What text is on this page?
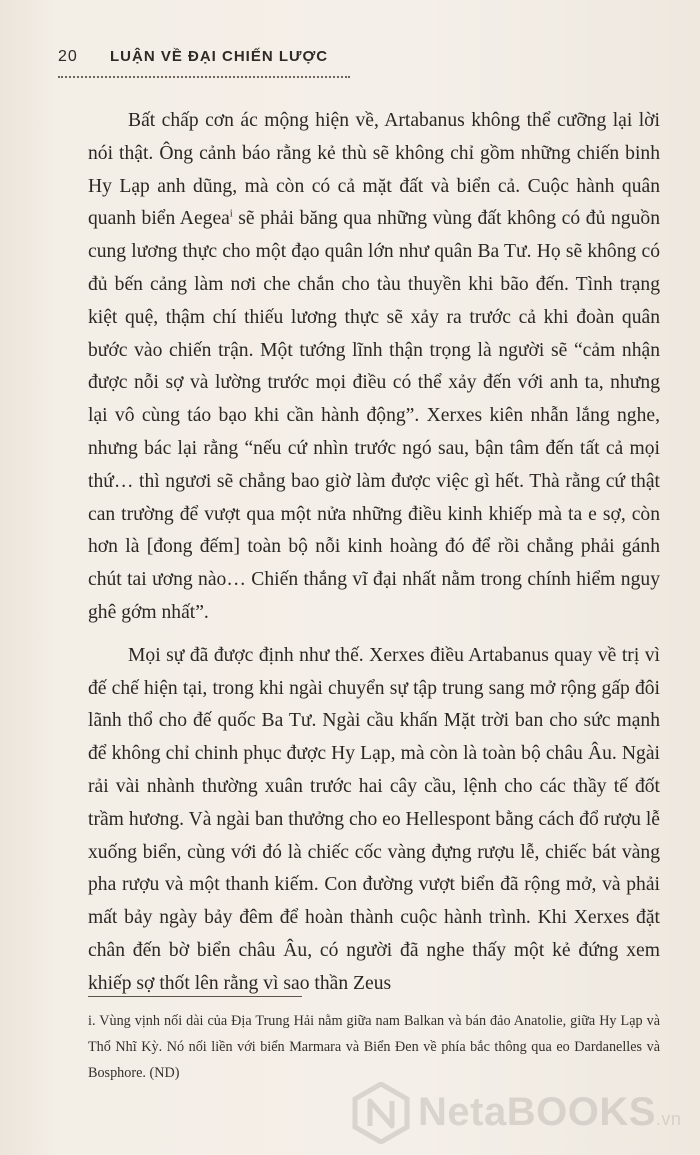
20 LUẬN VỀ ĐẠI CHIẾN LƯỢC

Bất chấp cơn ác mộng hiện về, Artabanus không thể cưỡng lại lời nói thật. Ông cảnh báo rằng kẻ thù sẽ không chỉ gồm những chiến binh Hy Lạp anh dũng, mà còn có cả mặt đất và biển cả. Cuộc hành quân quanh biển Aegea$^i$ sẽ phải băng qua những vùng đất không có đủ nguồn cung lương thực cho một đạo quân lớn như quân Ba Tư. Họ sẽ không có đủ bến cảng làm nơi che chắn cho tàu thuyền khi bão đến. Tình trạng kiệt quệ, thậm chí thiếu lương thực sẽ xảy ra trước cả khi đoàn quân bước vào chiến trận. Một tướng lĩnh thận trọng là người sẽ “cảm nhận được nỗi sợ và lường trước mọi điều có thể xảy đến với anh ta, nhưng lại vô cùng táo bạo khi cần hành động”. Xerxes kiên nhẫn lắng nghe, nhưng bác lại rằng “nếu cứ nhìn trước ngó sau, bận tâm đến tất cả mọi thứ… thì ngươi sẽ chẳng bao giờ làm được việc gì hết. Thà rằng cứ thật can trường để vượt qua một nửa những điều kinh khiếp mà ta e sợ, còn hơn là [đong đếm] toàn bộ nỗi kinh hoàng đó để rồi chẳng phải gánh chút tai ương nào… Chiến thắng vĩ đại nhất nằm trong chính hiểm nguy ghê gớm nhất”.

Mọi sự đã được định như thế. Xerxes điều Artabanus quay về trị vì đế chế hiện tại, trong khi ngài chuyển sự tập trung sang mở rộng gấp đôi lãnh thổ cho đế quốc Ba Tư. Ngài cầu khấn Mặt trời ban cho sức mạnh để không chỉ chinh phục được Hy Lạp, mà còn là toàn bộ châu Âu. Ngài rải vài nhành thường xuân trước hai cây cầu, lệnh cho các thầy tế đốt trầm hương. Và ngài ban thưởng cho eo Hellespont bằng cách đổ rượu lễ xuống biển, cùng với đó là chiếc cốc vàng đựng rượu lễ, chiếc bát vàng pha rượu và một thanh kiếm. Con đường vượt biển đã rộng mở, và phải mất bảy ngày bảy đêm để hoàn thành cuộc hành trình. Khi Xerxes đặt chân đến bờ biển châu Âu, có người đã nghe thấy một kẻ đứng xem khiếp sợ thốt lên rằng vì sao thần Zeus

i. Vùng vịnh nối dài của Địa Trung Hải nằm giữa nam Balkan và bán đảo Anatolie, giữa Hy Lạp và Thổ Nhĩ Kỳ. Nó nối liền với biển Marmara và Biển Đen về phía bắc thông qua eo Dardanelles và Bosphore. (ND)
NetaBOOKS.vn
